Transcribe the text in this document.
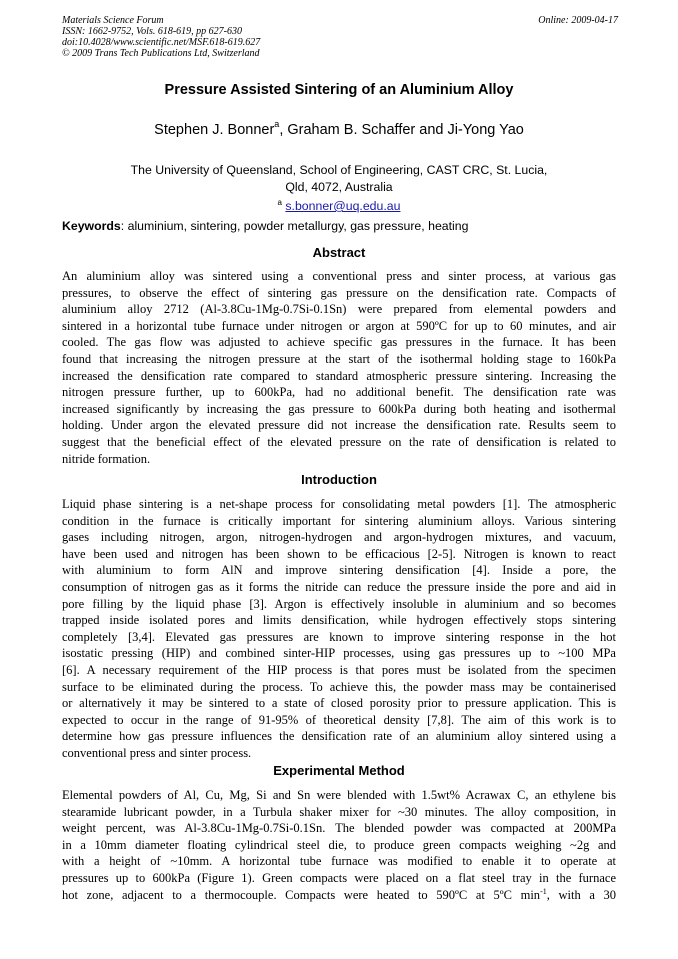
Materials Science Forum
ISSN: 1662-9752, Vols. 618-619, pp 627-630
doi:10.4028/www.scientific.net/MSF.618-619.627
© 2009 Trans Tech Publications Ltd, Switzerland
Online: 2009-04-17
Pressure Assisted Sintering of an Aluminium Alloy
Stephen J. Bonner$^a$, Graham B. Schaffer and Ji-Yong Yao
The University of Queensland, School of Engineering, CAST CRC, St. Lucia,
Qld, 4072, Australia
$^a$ s.bonner@uq.edu.au
Keywords: aluminium, sintering, powder metallurgy, gas pressure, heating
Abstract
An aluminium alloy was sintered using a conventional press and sinter process, at various gas
pressures, to observe the effect of sintering gas pressure on the densification rate. Compacts of
aluminium alloy 2712 (Al-3.8Cu-1Mg-0.7Si-0.1Sn) were prepared from elemental powders and
sintered in a horizontal tube furnace under nitrogen or argon at 590ºC for up to 60 minutes, and air
cooled. The gas flow was adjusted to achieve specific gas pressures in the furnace. It has been
found that increasing the nitrogen pressure at the start of the isothermal holding stage to 160kPa
increased the densification rate compared to standard atmospheric pressure sintering. Increasing the
nitrogen pressure further, up to 600kPa, had no additional benefit. The densification rate was
increased significantly by increasing the gas pressure to 600kPa during both heating and isothermal
holding. Under argon the elevated pressure did not increase the densification rate. Results seem to
suggest that the beneficial effect of the elevated pressure on the rate of densification is related to
nitride formation.
Introduction
Liquid phase sintering is a net-shape process for consolidating metal powders [1]. The atmospheric
condition in the furnace is critically important for sintering aluminium alloys. Various sintering
gases including nitrogen, argon, nitrogen-hydrogen and argon-hydrogen mixtures, and vacuum,
have been used and nitrogen has been shown to be efficacious [2-5]. Nitrogen is known to react
with aluminium to form AlN and improve sintering densification [4]. Inside a pore, the
consumption of nitrogen gas as it forms the nitride can reduce the pressure inside the pore and aid in
pore filling by the liquid phase [3]. Argon is effectively insoluble in aluminium and so becomes
trapped inside isolated pores and limits densification, while hydrogen effectively stops sintering
completely [3,4]. Elevated gas pressures are known to improve sintering response in the hot
isostatic pressing (HIP) and combined sinter-HIP processes, using gas pressures up to ~100 MPa
[6]. A necessary requirement of the HIP process is that pores must be isolated from the specimen
surface to be eliminated during the process. To achieve this, the powder mass may be containerised
or alternatively it may be sintered to a state of closed porosity prior to pressure application. This is
expected to occur in the range of 91-95% of theoretical density [7,8]. The aim of this work is to
determine how gas pressure influences the densification rate of an aluminium alloy sintered using a
conventional press and sinter process.
Experimental Method
Elemental powders of Al, Cu, Mg, Si and Sn were blended with 1.5wt% Acrawax C, an ethylene bis
stearamide lubricant powder, in a Turbula shaker mixer for ~30 minutes. The alloy composition, in
weight percent, was Al-3.8Cu-1Mg-0.7Si-0.1Sn. The blended powder was compacted at 200MPa
in a 10mm diameter floating cylindrical steel die, to produce green compacts weighing ~2g and
with a height of ~10mm. A horizontal tube furnace was modified to enable it to operate at
pressures up to 600kPa (Figure 1). Green compacts were placed on a flat steel tray in the furnace
hot zone, adjacent to a thermocouple. Compacts were heated to 590ºC at 5ºC $\min^{-1}$, with a 30
